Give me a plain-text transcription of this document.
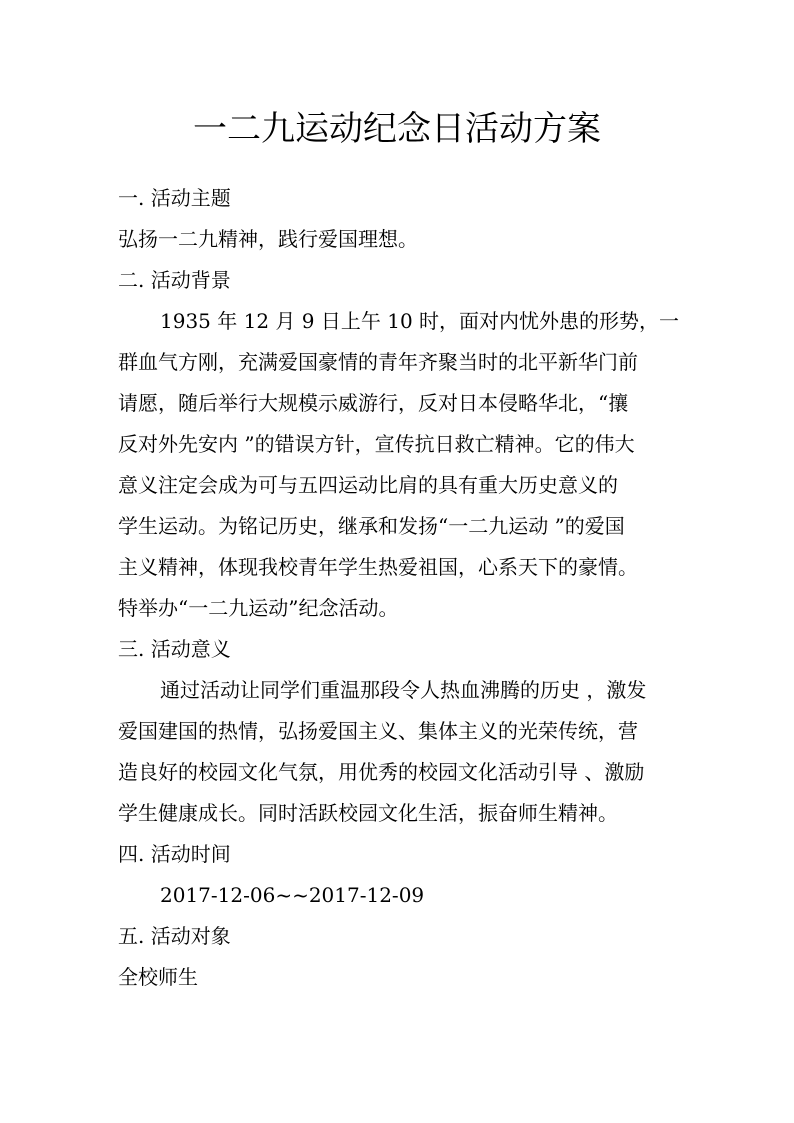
一二九运动纪念日活动方案

一. 活动主题

弘扬一二九精神，践行爱国理想。

二. 活动背景

1935 年 12 月 9 日上午 10 时，面对内忧外患的形势，一

群血气方刚，充满爱国豪情的青年齐聚当时的北平新华门前

请愿，随后举行大规模示威游行，反对日本侵略华北，“攘

反对外先安内 ”的错误方针，宣传抗日救亡精神。它的伟大

意义注定会成为可与五四运动比肩的具有重大历史意义的

学生运动。为铭记历史，继承和发扬“一二九运动 ”的爱国

主义精神，体现我校青年学生热爱祖国，心系天下的豪情。

特举办“一二九运动”纪念活动。

三. 活动意义

通过活动让同学们重温那段令人热血沸腾的历史 ，激发

爱国建国的热情，弘扬爱国主义、集体主义的光荣传统，营

造良好的校园文化气氛，用优秀的校园文化活动引导 、激励

学生健康成长。同时活跃校园文化生活，振奋师生精神。

四. 活动时间

2017-12-06~~2017-12-09

五. 活动对象

全校师生
